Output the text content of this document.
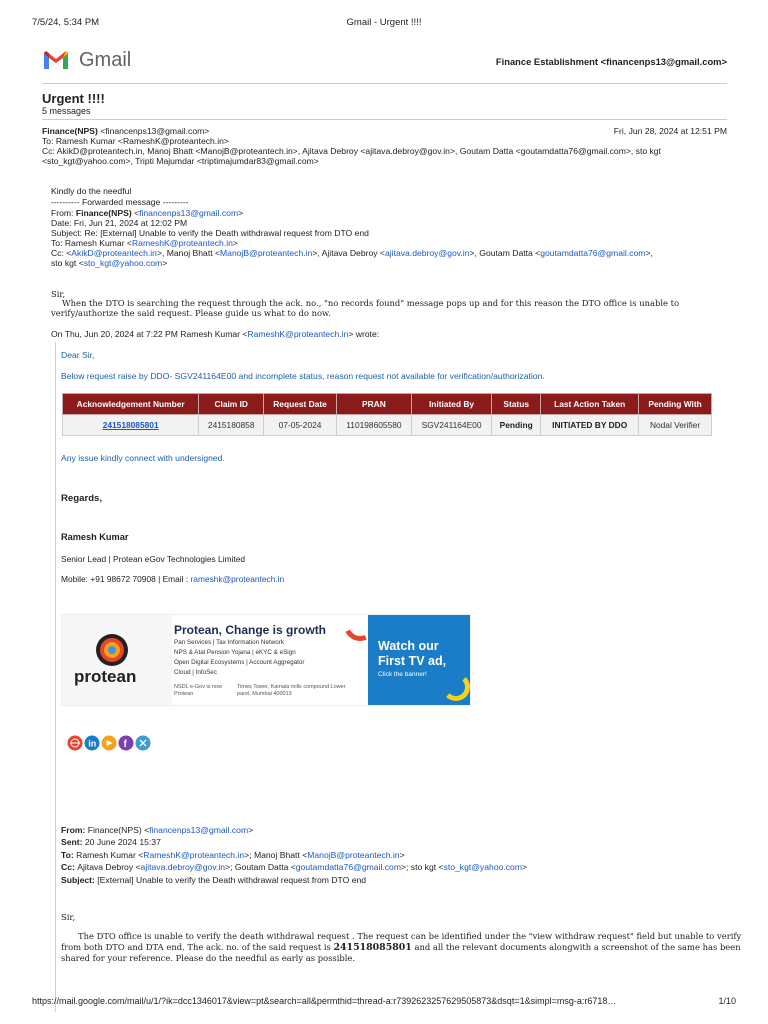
7/5/24, 5:34 PM	Gmail - Urgent !!!!
Gmail	Finance Establishment <financenps13@gmail.com>
Urgent !!!!
5 messages
Finance(NPS) <financenps13@gmail.com>	Fri, Jun 28, 2024 at 12:51 PM
To: Ramesh Kumar <RameshK@proteantech.in>
Cc: AkikD@proteantech.in, Manoj Bhatt <ManojB@proteantech.in>, Ajitava Debroy <ajitava.debroy@gov.in>, Goutam Datta <goutamdatta76@gmail.com>, sto kgt
<sto_kgt@yahoo.com>, Tripti Majumdar <triptimajumdar83@gmail.com>
Kindly do the needful
---------- Forwarded message ---------
From: Finance(NPS) <financenps13@gmail.com>
Date: Fri, Jun 21, 2024 at 12:02 PM
Subject: Re: [External] Unable to verify the Death withdrawal request from DTO end
To: Ramesh Kumar <RameshK@proteantech.in>
Cc: <AkikD@proteantech.in>, Manoj Bhatt <ManojB@proteantech.in>, Ajitava Debroy <ajitava.debroy@gov.in>, Goutam Datta <goutamdatta76@gmail.com>,
sto kgt <sto_kgt@yahoo.com>
Sir,
When the DTO is searching the request through the ack. no., "no records found" message pops up and for this reason the DTO office is unable to
verify/authorize the said request. Please guide us what to do now.
On Thu, Jun 20, 2024 at 7:22 PM Ramesh Kumar <RameshK@proteantech.in> wrote:
Dear Sir,
Below request raise by DDO- SGV241164E00 and incomplete status, reason request not available for verification/authorization.
Acknowledgement Number	Claim ID	Request Date	PRAN	Initiated By	Status	Last Action Taken	Pending With
241518085801	2415180858	07-05-2024	110198605580	SGV241164E00	Pending	INITIATED BY DDO	Nodal Verifier
Any issue kindly connect with undersigned.
Regards,
Ramesh Kumar
Senior Lead | Protean eGov Technologies Limited
Mobile: +91 98672 70908 | Email : rameshk@proteantech.in
protean
Protean, Change is growth
Pan Services | Tax Information Network
NPS & Atal Pension Yojana | eKYC & eSign
Open Digital Ecosystems | Account Aggregator
Cloud | InfoSec
NSDL e-Gov is now Protean
Times Tower, Kamala mills compound Lower parel, Mumbai 400013
Watch our
First TV ad,
Click the banner!
in	f
From: Finance(NPS) <financenps13@gmail.com>
Sent: 20 June 2024 15:37
To: Ramesh Kumar <RameshK@proteantech.in>; Manoj Bhatt <ManojB@proteantech.in>
Cc: Ajitava Debroy <ajitava.debroy@gov.in>; Goutam Datta <goutamdatta76@gmail.com>; sto kgt <sto_kgt@yahoo.com>
Subject: [External] Unable to verify the Death withdrawal request from DTO end
Sir,
The DTO office is unable to verify the death withdrawal request . The request can be identified under the "view withdraw request" field but unable to verify
from both DTO and DTA end. The ack. no. of the said request is 241518085801 and all the relevant documents alongwith a screenshot of the same has been
shared for your reference. Please do the needful as early as possible.
https://mail.google.com/mail/u/1/?ik=dcc1346017&view=pt&search=all&permthid=thread-a:r7392623257629505873&dsqt=1&simpl=msg-a:r6718…	1/10
